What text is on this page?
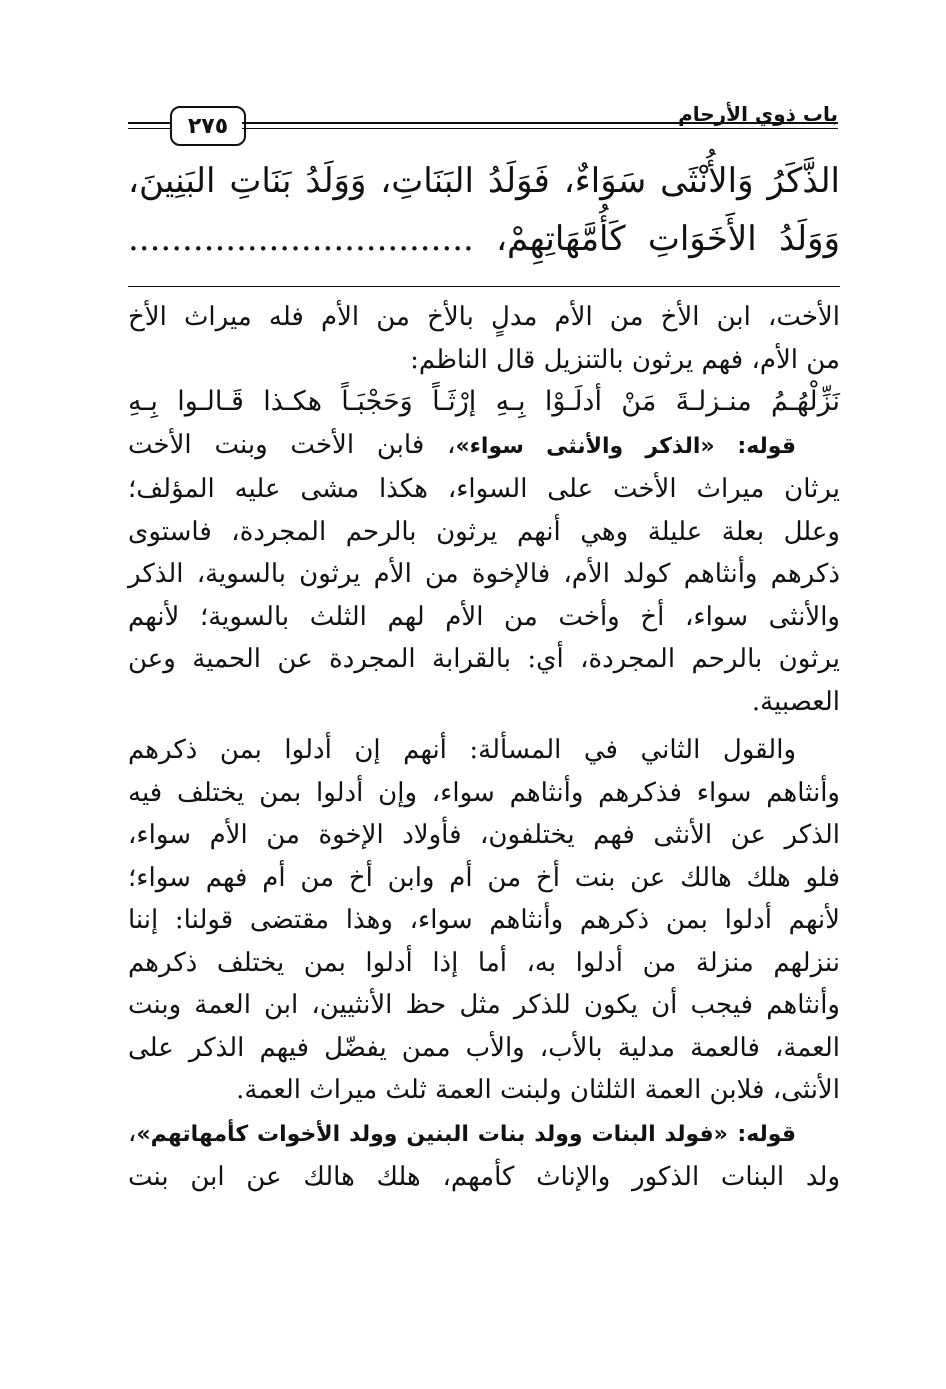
٢٧٥	باب ذوي الأرحام
الذَّكَرُ وَالأُنْثَى سَوَاءٌ، فَوَلَدُ البَنَاتِ، وَوَلَدُ بَنَاتِ البَنِينَ،
وَوَلَدُ الأَخَوَاتِ كَأُمَّهَاتِهِمْ، ................................
الأخت، ابن الأخ من الأم مدلٍ بالأخ من الأم فله ميراث الأخ
من الأم، فهم يرثون بالتنزيل قال الناظم:
نَزِّلْهُـمُ منـزلـةَ مَنْ أدلَـوْا بِـهِ إرْثَـاً وَحَجْبَـاً هكـذا قَـالـوا بِـهِ
قوله: «الذكر والأنثى سواء»، فابن الأخت وبنت الأخت
يرثان ميراث الأخت على السواء، هكذا مشى عليه المؤلف؛
وعلل بعلة عليلة وهي أنهم يرثون بالرحم المجردة، فاستوى
ذكرهم وأنثاهم كولد الأم، فالإخوة من الأم يرثون بالسوية، الذكر
والأنثى سواء، أخ وأخت من الأم لهم الثلث بالسوية؛ لأنهم
يرثون بالرحم المجردة، أي: بالقرابة المجردة عن الحمية وعن
العصبية.
والقول الثاني في المسألة: أنهم إن أدلوا بمن ذكرهم
وأنثاهم سواء فذكرهم وأنثاهم سواء، وإن أدلوا بمن يختلف فيه
الذكر عن الأنثى فهم يختلفون، فأولاد الإخوة من الأم سواء،
فلو هلك هالك عن بنت أخ من أم وابن أخ من أم فهم سواء؛
لأنهم أدلوا بمن ذكرهم وأنثاهم سواء، وهذا مقتضى قولنا: إننا
ننزلهم منزلة من أدلوا به، أما إذا أدلوا بمن يختلف ذكرهم
وأنثاهم فيجب أن يكون للذكر مثل حظ الأنثيين، ابن العمة وبنت
العمة، فالعمة مدلية بالأب، والأب ممن يفضّل فيهم الذكر على
الأنثى، فلابن العمة الثلثان ولبنت العمة ثلث ميراث العمة.
قوله: «فولد البنات وولد بنات البنين وولد الأخوات كأمهاتهم»،
ولد البنات الذكور والإناث كأمهم، هلك هالك عن ابن بنت
